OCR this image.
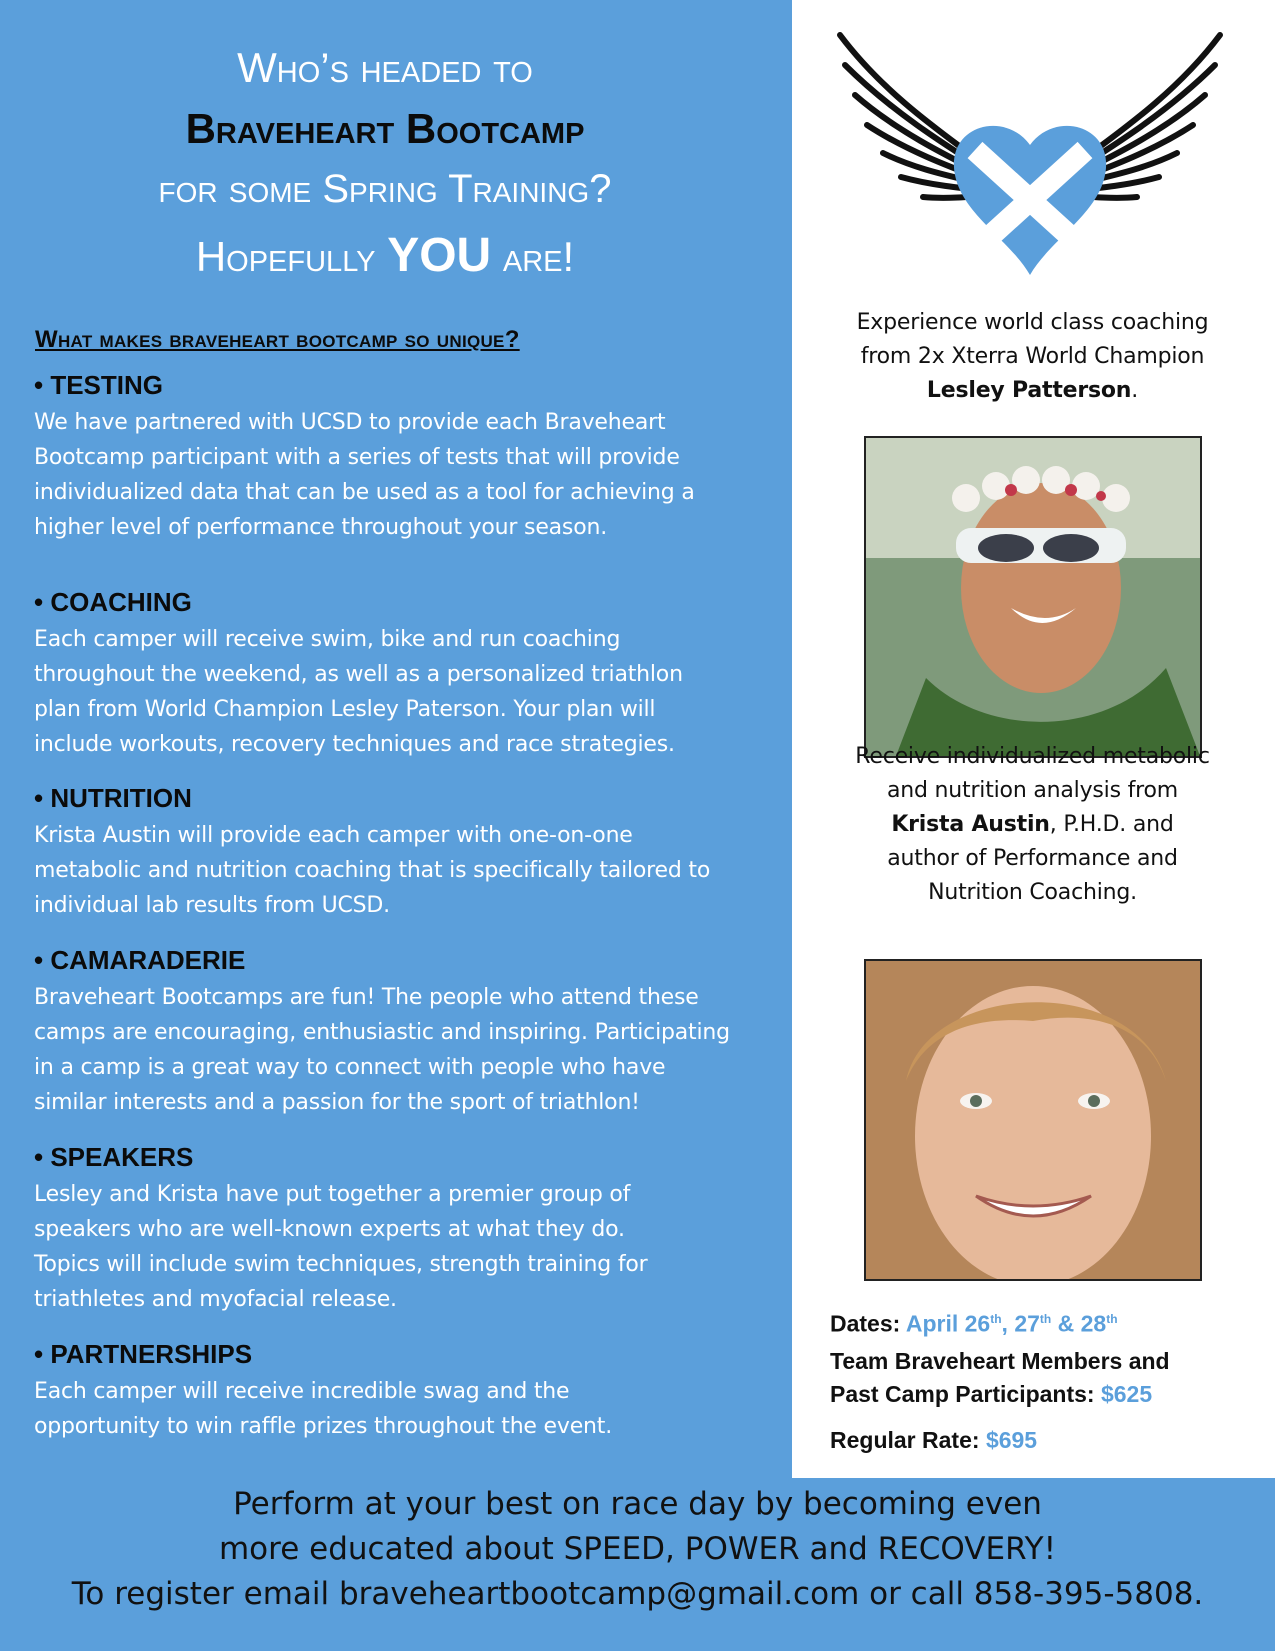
Who’s headed to
Braveheart Bootcamp
for some Spring Training?
Hopefully YOU are!
What makes braveheart bootcamp so unique?
• TESTING
We have partnered with UCSD to provide each Braveheart
Bootcamp participant with a series of tests that will provide
individualized data that can be used as a tool for achieving a
higher level of performance throughout your season.
• COACHING
Each camper will receive swim, bike and run coaching
throughout the weekend, as well as a personalized triathlon
plan from World Champion Lesley Paterson. Your plan will
include workouts, recovery techniques and race strategies.
• NUTRITION
Krista Austin will provide each camper with one-on-one
metabolic and nutrition coaching that is specifically tailored to
individual lab results from UCSD.
• CAMARADERIE
Braveheart Bootcamps are fun! The people who attend these
camps are encouraging, enthusiastic and inspiring. Participating
in a camp is a great way to connect with people who have
similar interests and a passion for the sport of triathlon!
• SPEAKERS
Lesley and Krista have put together a premier group of
speakers who are well-known experts at what they do.
Topics will include swim techniques, strength training for
triathletes and myofacial release.
• PARTNERSHIPS
Each camper will receive incredible swag and the
opportunity to win raffle prizes throughout the event.
Experience world class coaching
from 2x Xterra World Champion
Lesley Patterson.
Receive individualized metabolic
and nutrition analysis from
Krista Austin, P.H.D. and
author of Performance and
Nutrition Coaching.
Dates: April 26th, 27th & 28th
Team Braveheart Members and
Past Camp Participants: $625
Regular Rate: $695
Perform at your best on race day by becoming even
more educated about SPEED, POWER and RECOVERY!
To register email braveheartbootcamp@gmail.com or call 858-395-5808.
